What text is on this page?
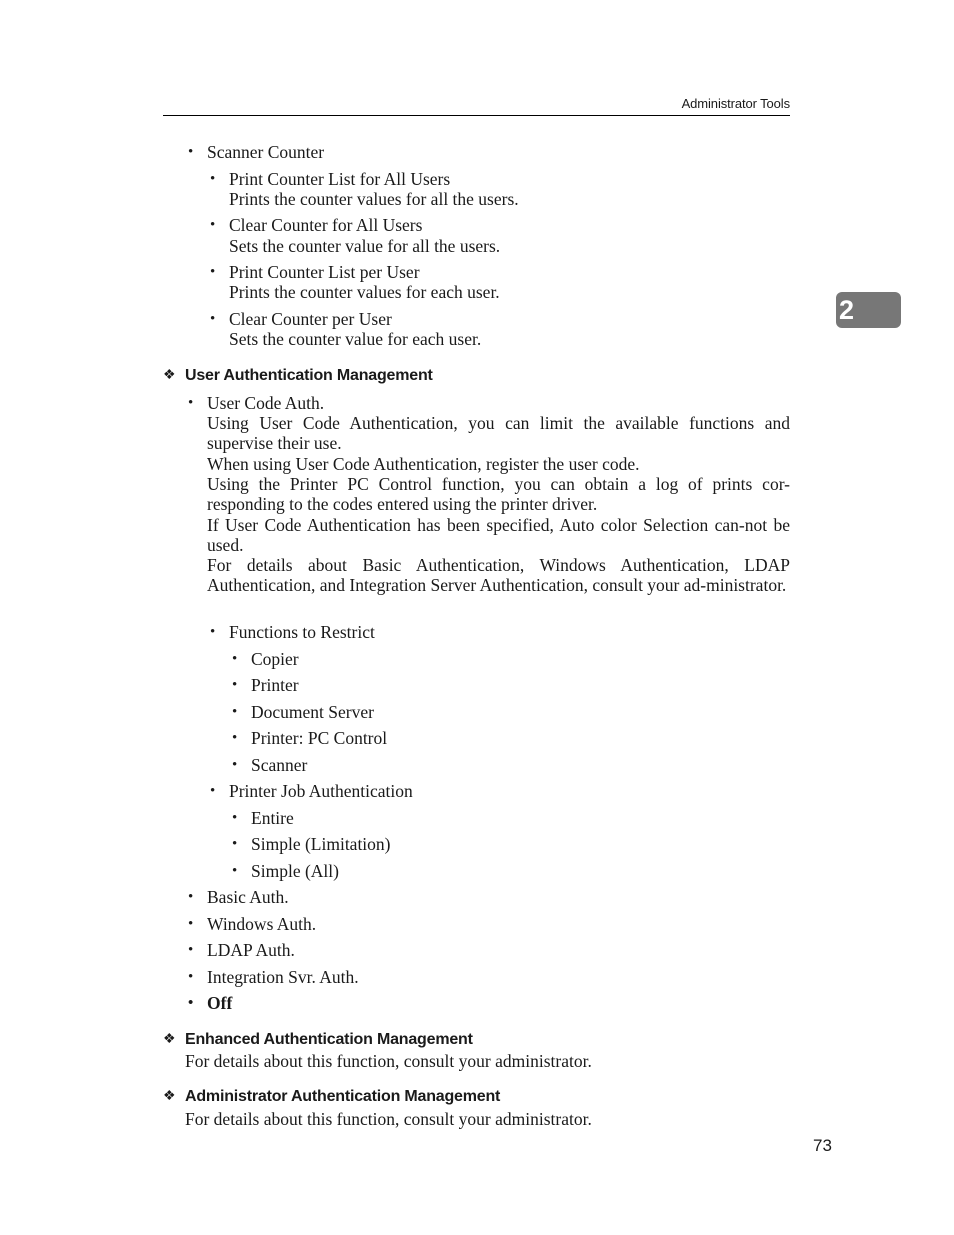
Administrator Tools
2
• Scanner Counter
• Print Counter List for All Users
Prints the counter values for all the users.
• Clear Counter for All Users
Sets the counter value for all the users.
• Print Counter List per User
Prints the counter values for each user.
• Clear Counter per User
Sets the counter value for each user.
❖ User Authentication Management
• User Code Auth.
Using User Code Authentication, you can limit the available functions and supervise their use.
When using User Code Authentication, register the user code.
Using the Printer PC Control function, you can obtain a log of prints cor-responding to the codes entered using the printer driver.
If User Code Authentication has been specified, Auto color Selection can-not be used.
For details about Basic Authentication, Windows Authentication, LDAP Authentication, and Integration Server Authentication, consult your ad-ministrator.
• Functions to Restrict
• Copier
• Printer
• Document Server
• Printer: PC Control
• Scanner
• Printer Job Authentication
• Entire
• Simple (Limitation)
• Simple (All)
• Basic Auth.
• Windows Auth.
• LDAP Auth.
• Integration Svr. Auth.
• Off
❖ Enhanced Authentication Management
For details about this function, consult your administrator.
❖ Administrator Authentication Management
For details about this function, consult your administrator.
73
